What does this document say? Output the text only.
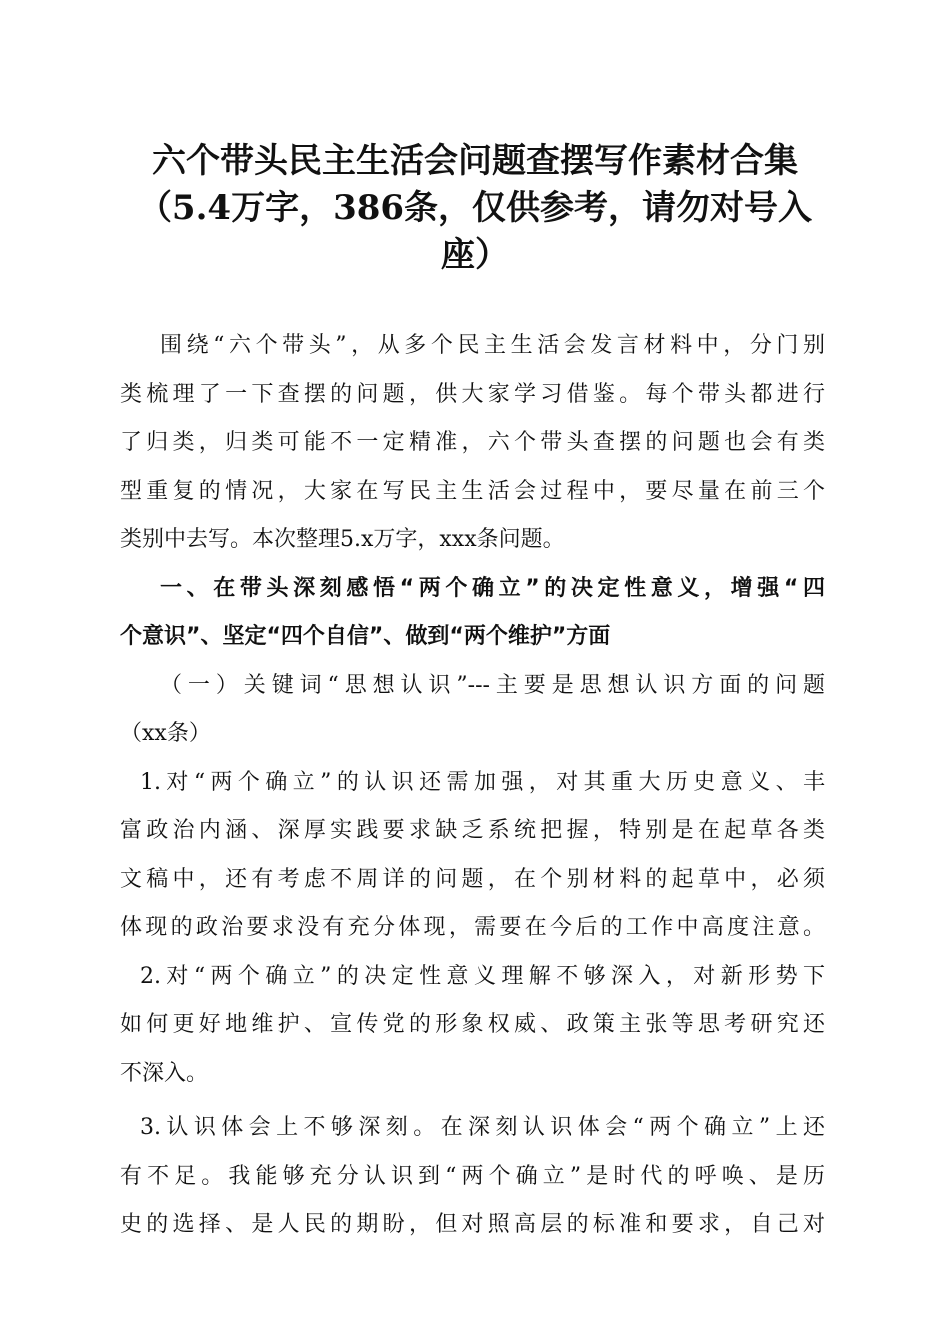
六个带头民主生活会问题查摆写作素材合集
（5.4万字，386条，仅供参考，请勿对号入
座）
围绕“六个带头”，从多个民主生活会发言材料中，分门别
类梳理了一下查摆的问题，供大家学习借鉴。每个带头都进行
了归类，归类可能不一定精准，六个带头查摆的问题也会有类
型重复的情况，大家在写民主生活会过程中，要尽量在前三个
类别中去写。本次整理5.x万字，xxx条问题。
一、在带头深刻感悟“两个确立”的决定性意义，增强“四
个意识”、坚定“四个自信”、做到“两个维护”方面
（一）关键词“思想认识”---主要是思想认识方面的问题
（xx条）
1.对“两个确立”的认识还需加强，对其重大历史意义、丰
富政治内涵、深厚实践要求缺乏系统把握，特别是在起草各类
文稿中，还有考虑不周详的问题，在个别材料的起草中，必须
体现的政治要求没有充分体现，需要在今后的工作中高度注意。
2.对“两个确立”的决定性意义理解不够深入，对新形势下
如何更好地维护、宣传党的形象权威、政策主张等思考研究还
不深入。
3.认识体会上不够深刻。在深刻认识体会“两个确立”上还
有不足。我能够充分认识到“两个确立”是时代的呼唤、是历
史的选择、是人民的期盼，但对照高层的标准和要求，自己对
